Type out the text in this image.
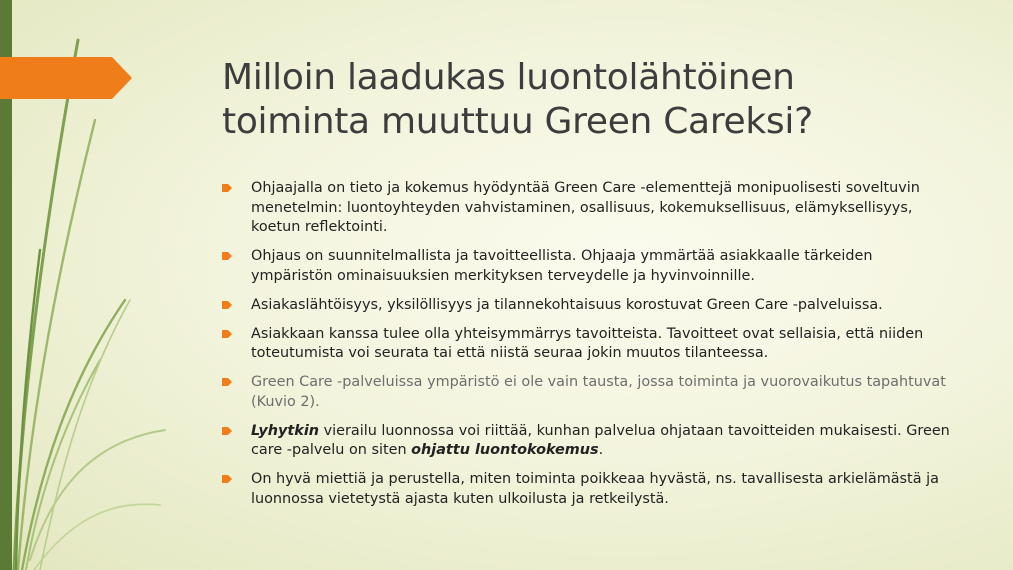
Milloin laadukas luontolähtöinen
toiminta muuttuu Green Careksi?
Ohjaajalla on tieto ja kokemus hyödyntää Green Care -elementtejä monipuolisesti soveltuvin menetelmin: luontoyhteyden vahvistaminen, osallisuus, kokemuksellisuus, elämyksellisyys, koetun reflektointi.
Ohjaus on suunnitelmallista ja tavoitteellista. Ohjaaja ymmärtää asiakkaalle tärkeiden ympäristön ominaisuuksien merkityksen terveydelle ja hyvinvoinnille.
Asiakaslähtöisyys, yksilöllisyys ja tilannekohtaisuus korostuvat Green Care -palveluissa.
Asiakkaan kanssa tulee olla yhteisymmärrys tavoitteista. Tavoitteet ovat sellaisia, että niiden toteutumista voi seurata tai että niistä seuraa jokin muutos tilanteessa.
Green Care -palveluissa ympäristö ei ole vain tausta, jossa toiminta ja vuorovaikutus tapahtuvat (Kuvio 2).
Lyhytkin vierailu luonnossa voi riittää, kunhan palvelua ohjataan tavoitteiden mukaisesti. Green care -palvelu on siten ohjattu luontokokemus.
On hyvä miettiä ja perustella, miten toiminta poikkeaa hyvästä, ns. tavallisesta arkielämästä ja luonnossa vietetystä ajasta kuten ulkoilusta ja retkeilystä.
